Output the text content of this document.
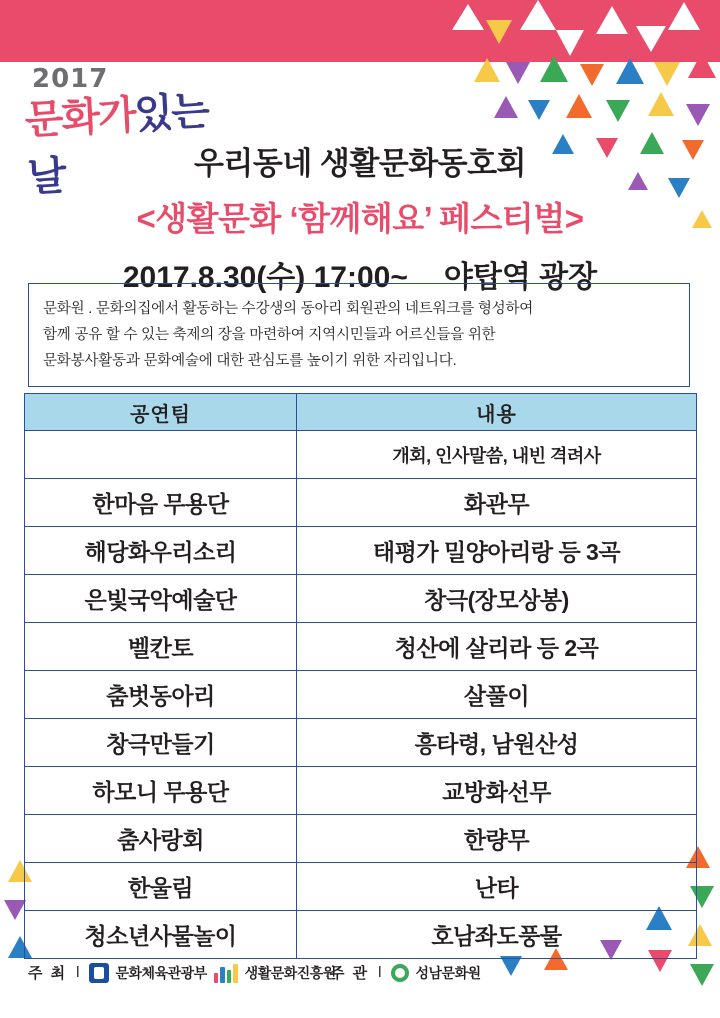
2017
문화가있는날	우리동네 생활문화동호회
<생활문화 ‘함께해요’ 페스티벌>
2017.8.30(수) 17:00~ 야탑역 광장
문화원 . 문화의집에서 활동하는 수강생의 동아리 회원관의 네트워크를 형성하여
함께 공유 할 수 있는 축제의 장을 마련하여 지역시민들과 어르신들을 위한
문화봉사활동과 문화예술에 대한 관심도를 높이기 위한 자리입니다.
공연팀	내용
	개회, 인사말씀, 내빈 격려사
한마음 무용단	화관무
해당화우리소리	태평가 밀양아리랑 등 3곡
은빛국악예술단	창극(장모상봉)
벨칸토	청산에 살리라 등 2곡
춤벗동아리	살풀이
창극만들기	흥타령, 남원산성
하모니 무용단	교방화선무
춤사랑회	한량무
한울림	난타
청소년사물놀이	호남좌도풍물
주 최 l	문화체육관광부	생활문화진흥원
주 관 l 성남문화원
